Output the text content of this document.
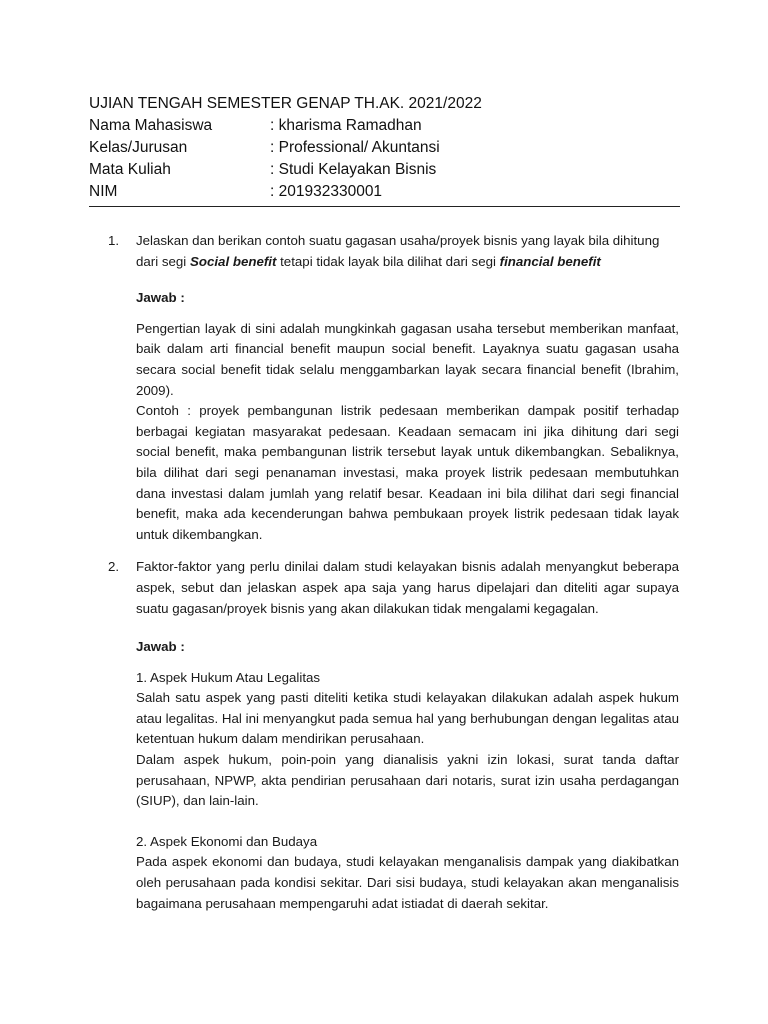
UJIAN TENGAH SEMESTER GENAP TH.AK. 2021/2022
Nama Mahasiswa	: kharisma Ramadhan
Kelas/Jurusan	: Professional/ Akuntansi
Mata Kuliah	: Studi Kelayakan Bisnis
NIM	: 201932330001
1.	Jelaskan dan berikan contoh suatu gagasan usaha/proyek bisnis yang layak bila dihitung dari segi Social benefit tetapi tidak layak bila dilihat dari segi financial benefit

Jawab :

Pengertian layak di sini adalah mungkinkah gagasan usaha tersebut memberikan manfaat, baik dalam arti financial benefit maupun social benefit. Layaknya suatu gagasan usaha secara social benefit tidak selalu menggambarkan layak secara financial benefit (Ibrahim, 2009).

Contoh : proyek pembangunan listrik pedesaan memberikan dampak positif terhadap berbagai kegiatan masyarakat pedesaan. Keadaan semacam ini jika dihitung dari segi social benefit, maka pembangunan listrik tersebut layak untuk dikembangkan. Sebaliknya, bila dilihat dari segi penanaman investasi, maka proyek listrik pedesaan membutuhkan dana investasi dalam jumlah yang relatif besar. Keadaan ini bila dilihat dari segi financial benefit, maka ada kecenderungan bahwa pembukaan proyek listrik pedesaan tidak layak untuk dikembangkan.

2.	Faktor-faktor yang perlu dinilai dalam studi kelayakan bisnis adalah menyangkut beberapa aspek, sebut dan jelaskan aspek apa saja yang harus dipelajari dan diteliti agar supaya suatu gagasan/proyek bisnis yang akan dilakukan tidak mengalami kegagalan.

Jawab :

1. Aspek Hukum Atau Legalitas

Salah satu aspek yang pasti diteliti ketika studi kelayakan dilakukan adalah aspek hukum atau legalitas. Hal ini menyangkut pada semua hal yang berhubungan dengan legalitas atau ketentuan hukum dalam mendirikan perusahaan.

Dalam aspek hukum, poin-poin yang dianalisis yakni izin lokasi, surat tanda daftar perusahaan, NPWP, akta pendirian perusahaan dari notaris, surat izin usaha perdagangan (SIUP), dan lain-lain.

2. Aspek Ekonomi dan Budaya

Pada aspek ekonomi dan budaya, studi kelayakan menganalisis dampak yang diakibatkan oleh perusahaan pada kondisi sekitar. Dari sisi budaya, studi kelayakan akan menganalisis bagaimana perusahaan mempengaruhi adat istiadat di daerah sekitar.
